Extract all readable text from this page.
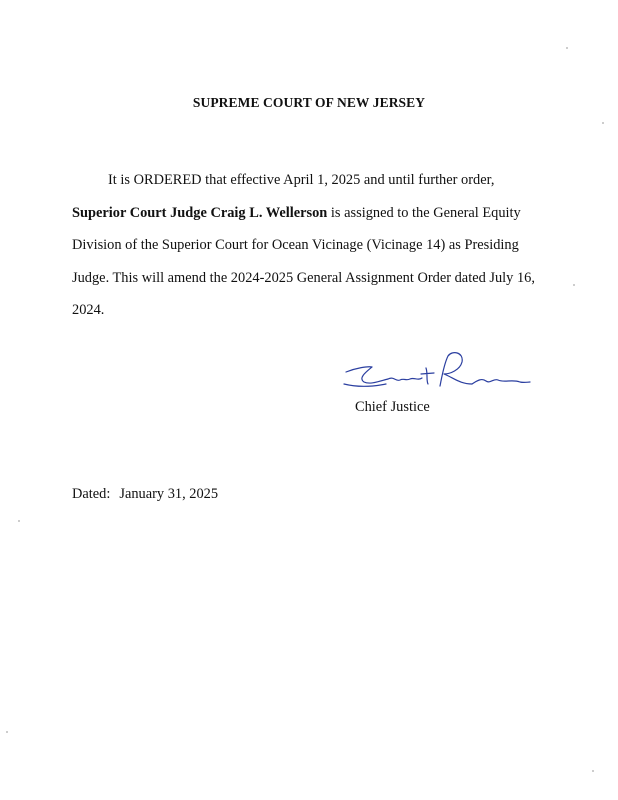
SUPREME COURT OF NEW JERSEY

It is ORDERED that effective April 1, 2025 and until further order, Superior Court Judge Craig L. Wellerson is assigned to the General Equity Division of the Superior Court for Ocean Vicinage (Vicinage 14) as Presiding Judge. This will amend the 2024-2025 General Assignment Order dated July 16, 2024.

Chief Justice
Dated: January 31, 2025
